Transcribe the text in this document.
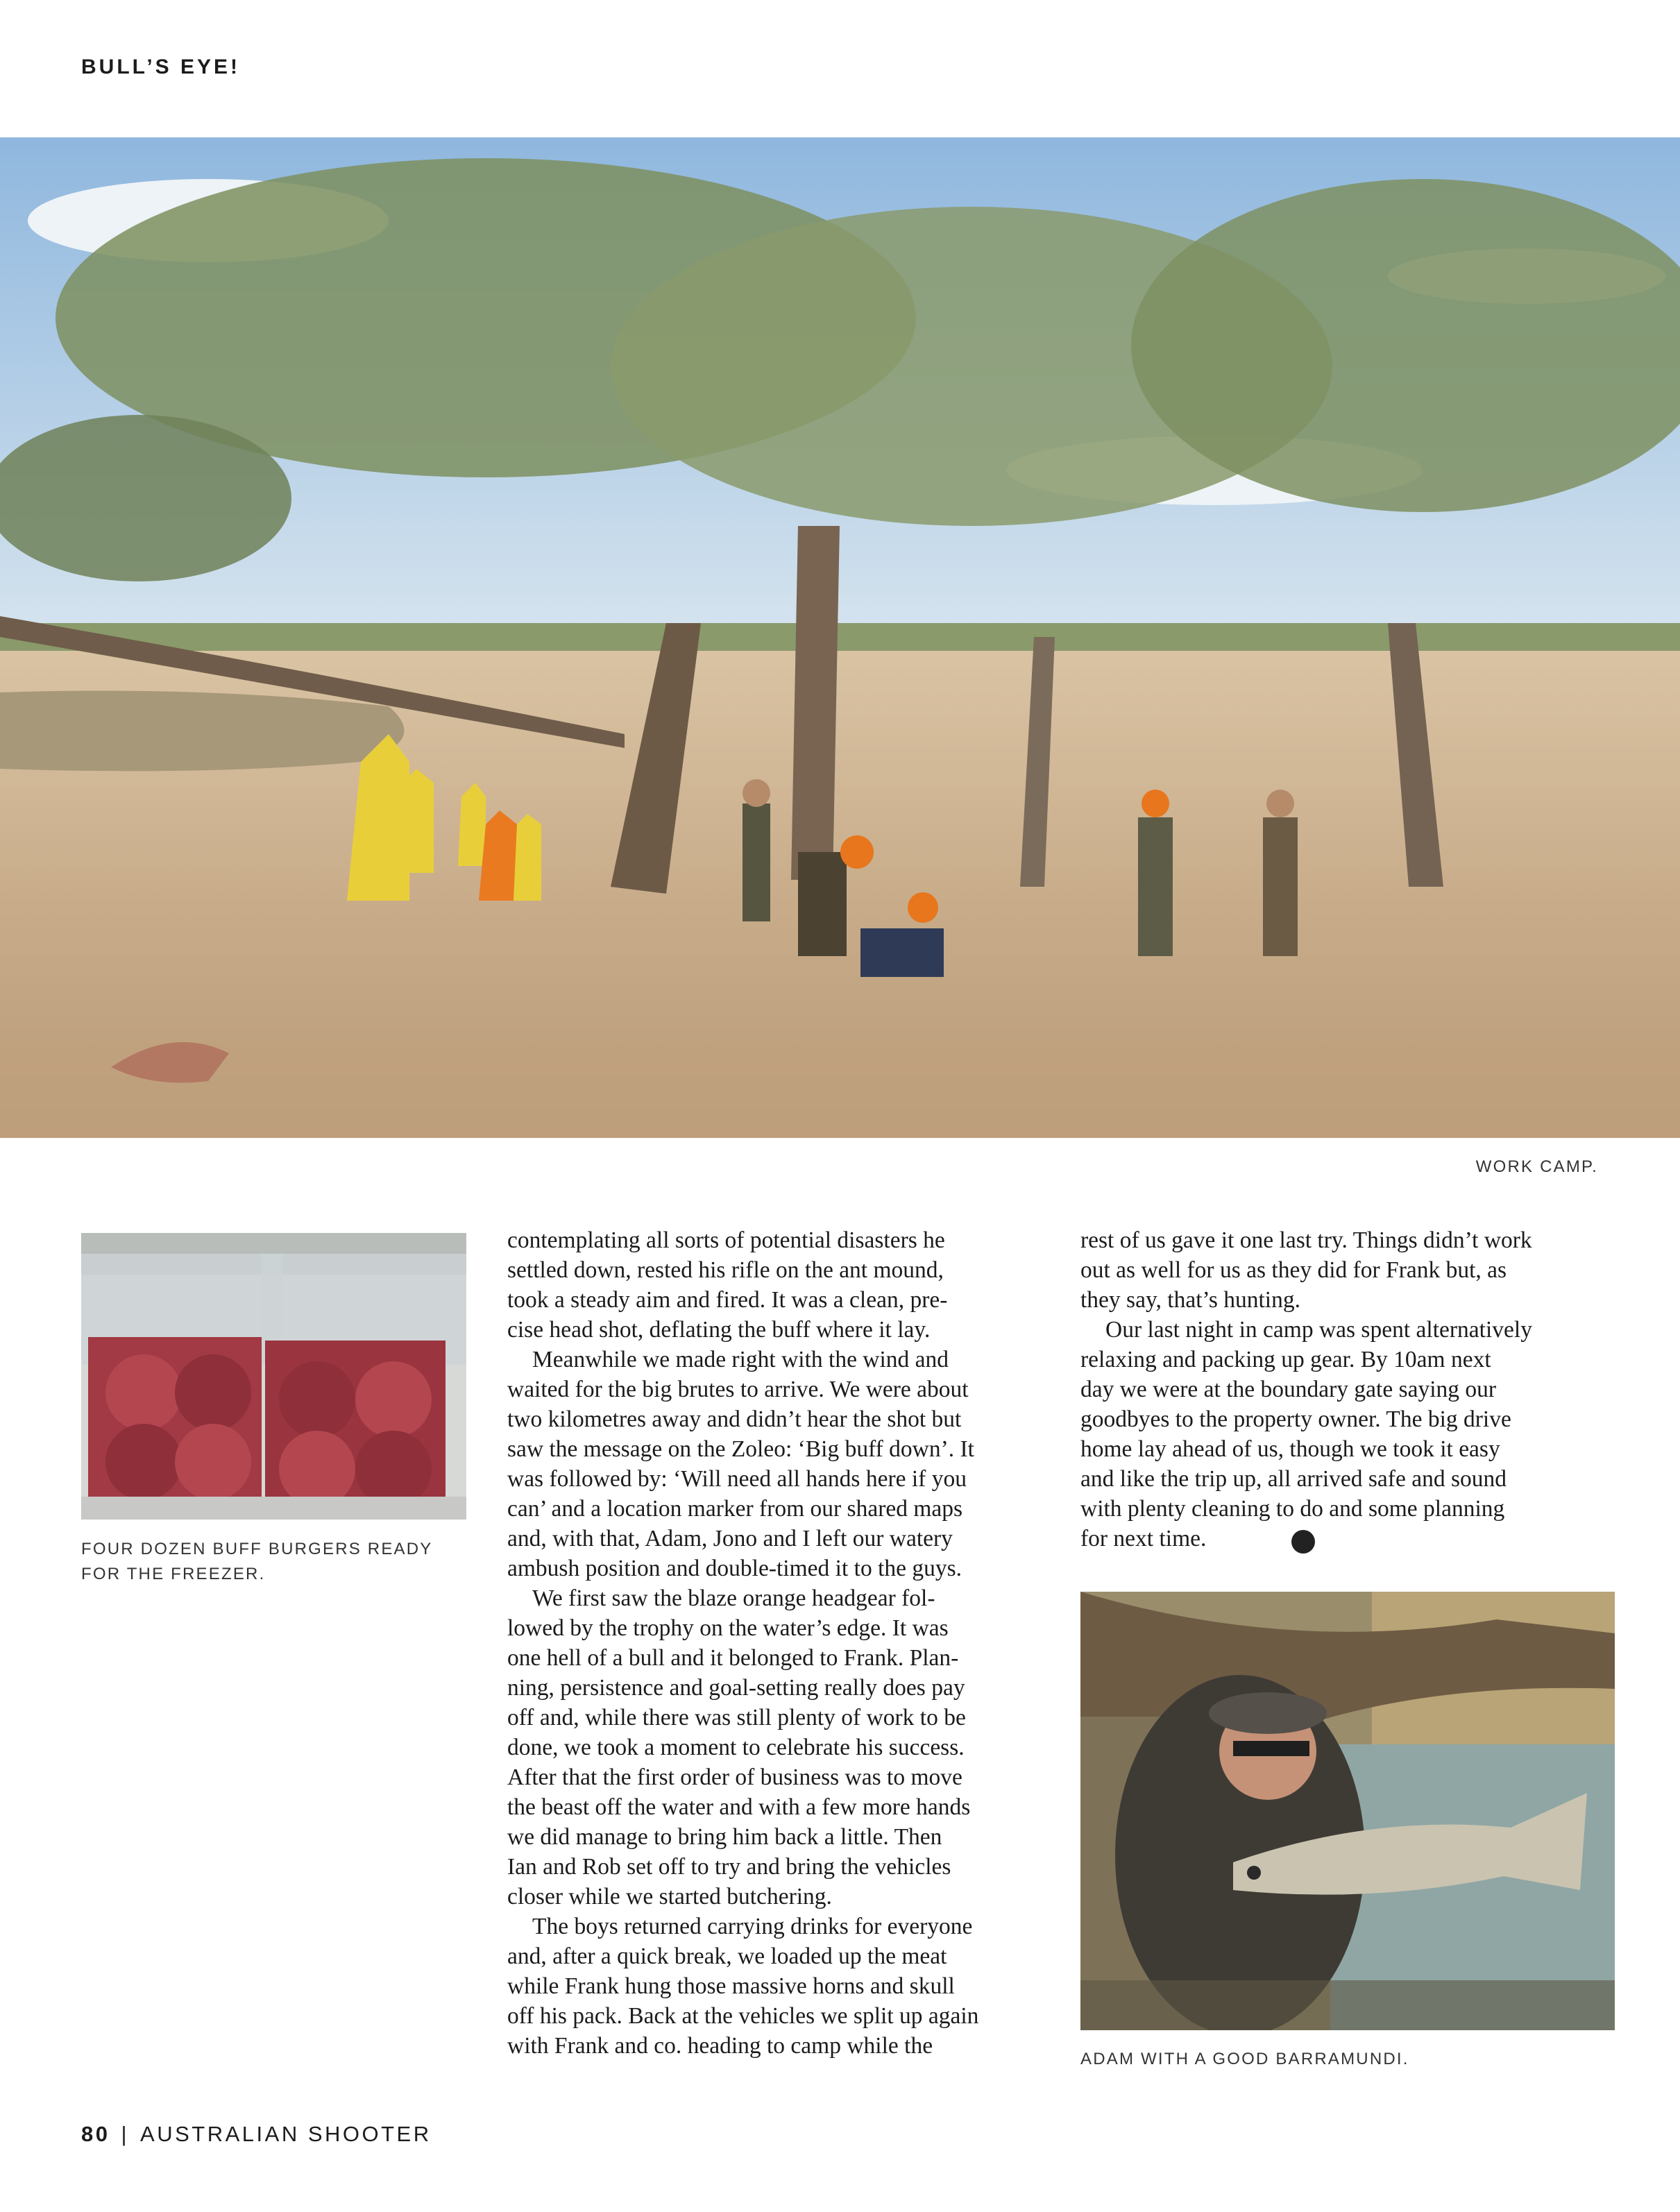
BULL’S EYE!
WORK CAMP.
FOUR DOZEN BUFF BURGERS READY
FOR THE FREEZER.
contemplating all sorts of potential disasters he
settled down, rested his rifle on the ant mound,
took a steady aim and fired. It was a clean, pre-
cise head shot, deflating the buff where it lay.
Meanwhile we made right with the wind and
waited for the big brutes to arrive. We were about
two kilometres away and didn’t hear the shot but
saw the message on the Zoleo: ‘Big buff down’. It
was followed by: ‘Will need all hands here if you
can’ and a location marker from our shared maps
and, with that, Adam, Jono and I left our watery
ambush position and double-timed it to the guys.
We first saw the blaze orange headgear fol-
lowed by the trophy on the water’s edge. It was
one hell of a bull and it belonged to Frank. Plan-
ning, persistence and goal-setting really does pay
off and, while there was still plenty of work to be
done, we took a moment to celebrate his success.
After that the first order of business was to move
the beast off the water and with a few more hands
we did manage to bring him back a little. Then
Ian and Rob set off to try and bring the vehicles
closer while we started butchering.
The boys returned carrying drinks for everyone
and, after a quick break, we loaded up the meat
while Frank hung those massive horns and skull
off his pack. Back at the vehicles we split up again
with Frank and co. heading to camp while the
rest of us gave it one last try. Things didn’t work
out as well for us as they did for Frank but, as
they say, that’s hunting.
Our last night in camp was spent alternatively
relaxing and packing up gear. By 10am next
day we were at the boundary gate saying our
goodbyes to the property owner. The big drive
home lay ahead of us, though we took it easy
and like the trip up, all arrived safe and sound
with plenty cleaning to do and some planning
for next time.
ADAM WITH A GOOD BARRAMUNDI.
80 | AUSTRALIAN SHOOTER
